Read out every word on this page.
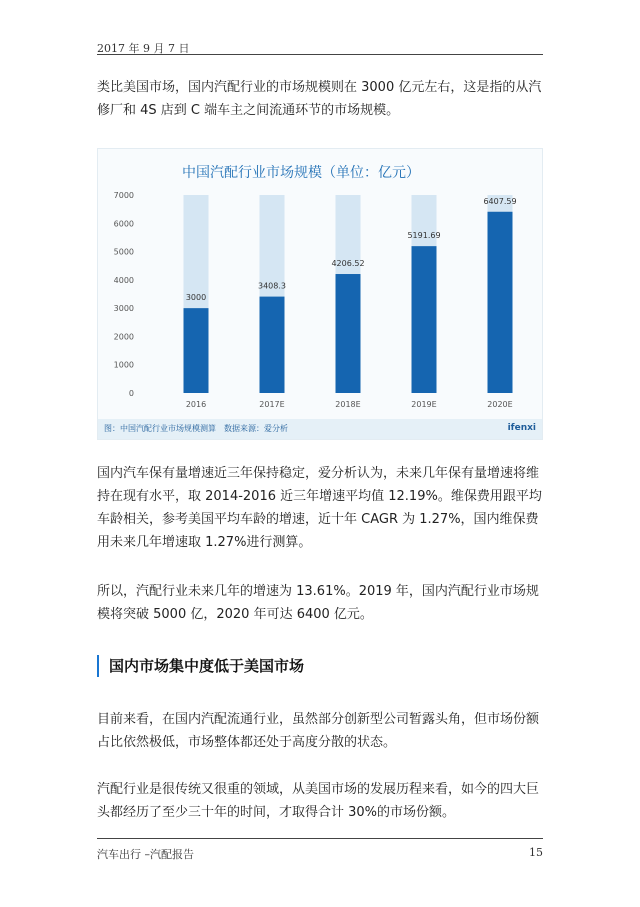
2017 年 9 月 7 日

类比美国市场，国内汽配行业的市场规模则在 3000 亿元左右，这是指的从汽修厂和 4S 店到 C 端车主之间流通环节的市场规模。

中国汽配行业市场规模（单位：亿元）
0
1000
2000
3000
4000
5000
6000
7000
3000
2016
3408.3
2017E
4206.52
2018E
5191.69
2019E
6407.59
2020E
图：中国汽配行业市场规模测算　数据来源：爱分析	ifenxi

国内汽车保有量增速近三年保持稳定，爱分析认为，未来几年保有量增速将维持在现有水平，取 2014-2016 近三年增速平均值 12.19%。维保费用跟平均车龄相关，参考美国平均车龄的增速，近十年 CAGR 为 1.27%，国内维保费用未来几年增速取 1.27%进行测算。

所以，汽配行业未来几年的增速为 13.61%。2019 年，国内汽配行业市场规模将突破 5000 亿，2020 年可达 6400 亿元。

国内市场集中度低于美国市场

目前来看，在国内汽配流通行业，虽然部分创新型公司暂露头角，但市场份额占比依然极低，市场整体都还处于高度分散的状态。

汽配行业是很传统又很重的领域，从美国市场的发展历程来看，如今的四大巨头都经历了至少三十年的时间，才取得合计 30%的市场份额。

汽车出行 –汽配报告	15
